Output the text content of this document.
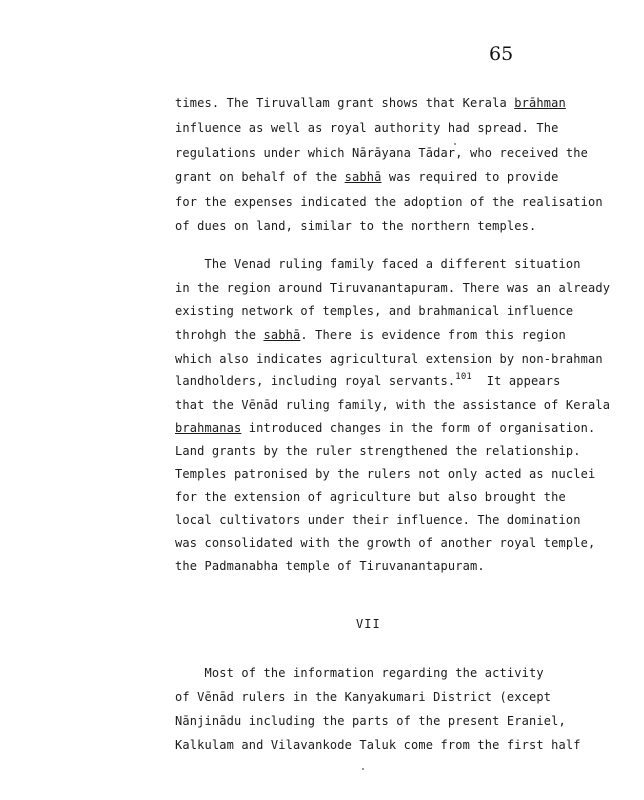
65
times. The Tiruvallam grant shows that Kerala brāhman
influence as well as royal authority had spread. The
regulations under which Nārāyana Tādar, who received the
grant on behalf of the sabhā was required to provide
for the expenses indicated the adoption of the realisation
of dues on land, similar to the northern temples.
The Venad ruling family faced a different situation
in the region around Tiruvanantapuram. There was an already
existing network of temples, and brahmanical influence
throhgh the sabhā. There is evidence from this region
which also indicates agricultural extension by non-brahman
landholders, including royal servants.$^{101}$  It appears
that the Vēnād ruling family, with the assistance of Kerala
brahmanas introduced changes in the form of organisation.
Land grants by the ruler strengthened the relationship.
Temples patronised by the rulers not only acted as nuclei
for the extension of agriculture but also brought the
local cultivators under their influence. The domination
was consolidated with the growth of another royal temple,
the Padmanabha temple of Tiruvanantapuram.
VII
Most of the information regarding the activity
of Vēnād rulers in the Kanyakumari District (except
Nānjinādu including the parts of the present Eraniel,
Kalkulam and Vilavankode Taluk come from the first half
